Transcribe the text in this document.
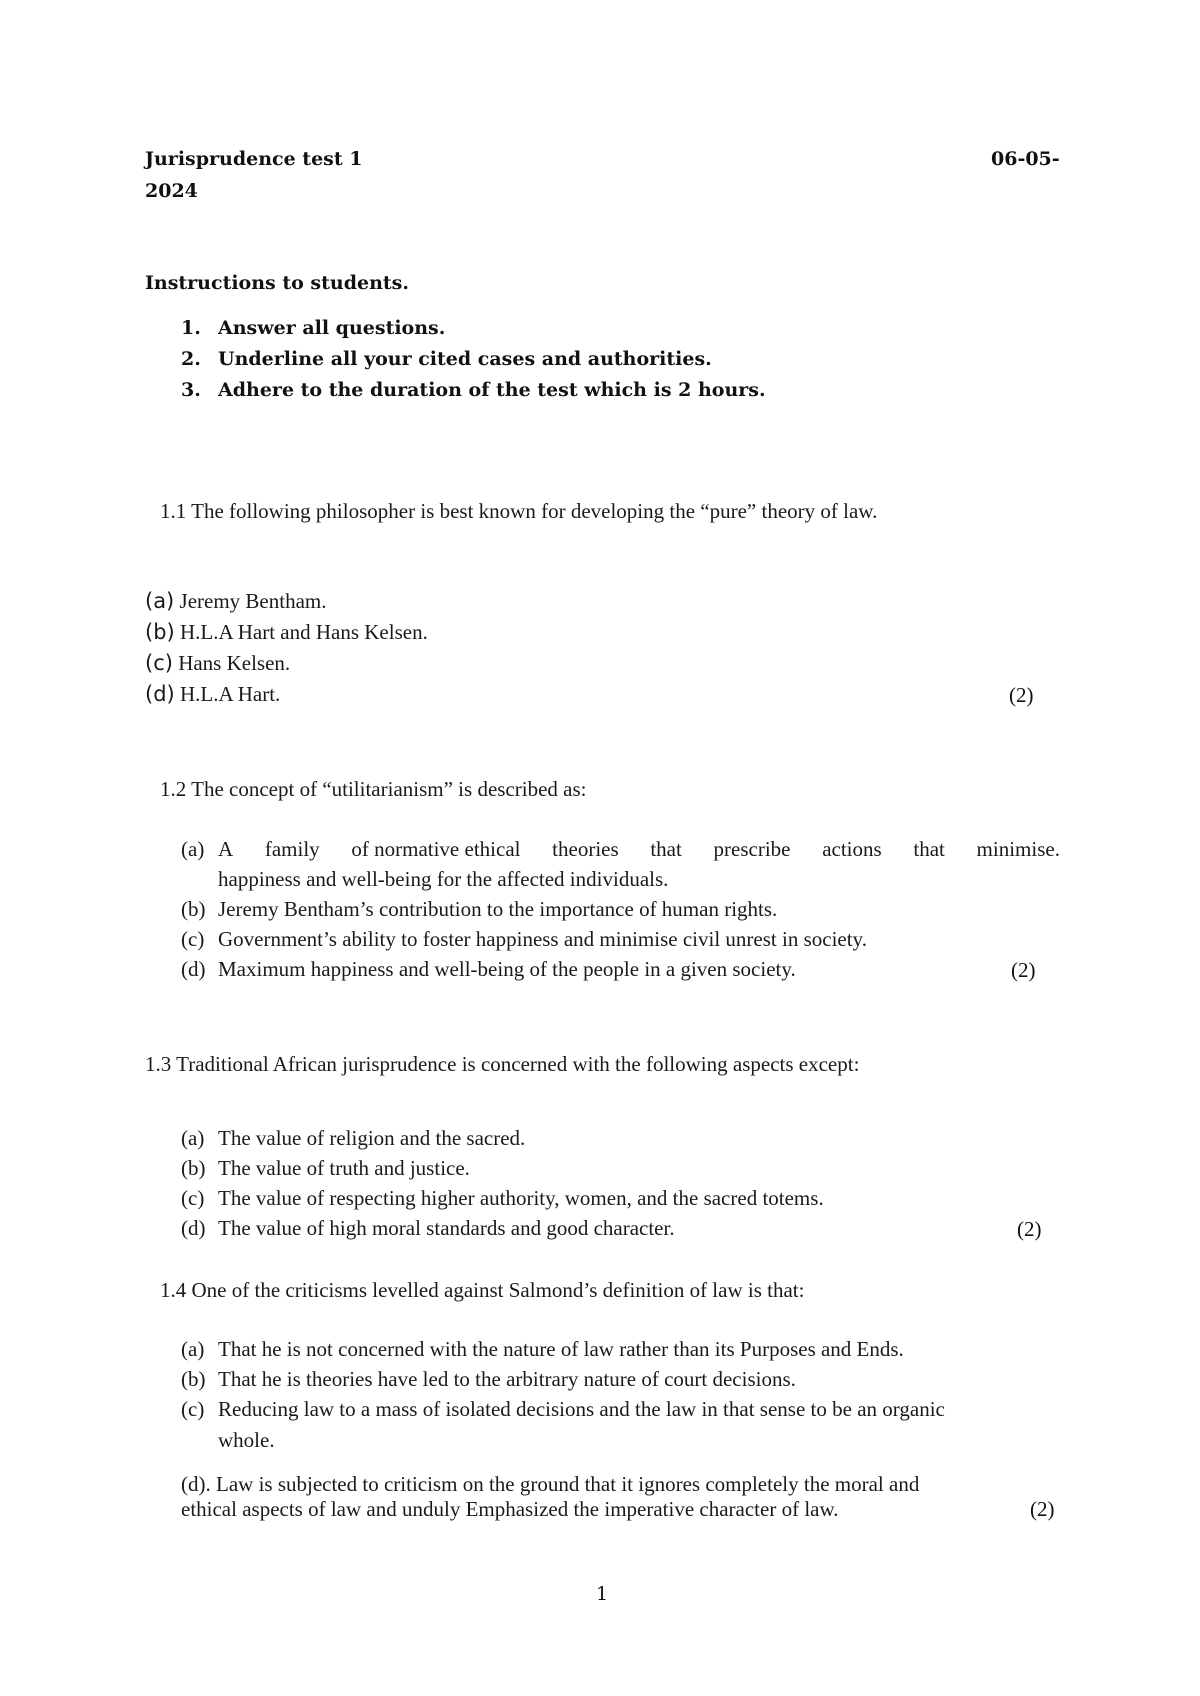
Jurisprudence test 1	06-05-
2024
Instructions to students.
1. Answer all questions.
2. Underline all your cited cases and authorities.
3. Adhere to the duration of the test which is 2 hours.
1.1 The following philosopher is best known for developing the “pure” theory of law.
(a) Jeremy Bentham.
(b) H.L.A Hart and Hans Kelsen.
(c) Hans Kelsen.
(d) H.L.A Hart.	(2)
1.2 The concept of “utilitarianism” is described as:
(a) A family of normative ethical theories that prescribe actions that minimise.
happiness and well-being for the affected individuals.
(b) Jeremy Bentham’s contribution to the importance of human rights.
(c) Government’s ability to foster happiness and minimise civil unrest in society.
(d) Maximum happiness and well-being of the people in a given society.	(2)
1.3 Traditional African jurisprudence is concerned with the following aspects except:
(a) The value of religion and the sacred.
(b) The value of truth and justice.
(c) The value of respecting higher authority, women, and the sacred totems.
(d) The value of high moral standards and good character.	(2)
1.4 One of the criticisms levelled against Salmond’s definition of law is that:
(a) That he is not concerned with the nature of law rather than its Purposes and Ends.
(b) That he is theories have led to the arbitrary nature of court decisions.
(c) Reducing law to a mass of isolated decisions and the law in that sense to be an organic
whole.
(d). Law is subjected to criticism on the ground that it ignores completely the moral and
ethical aspects of law and unduly Emphasized the imperative character of law.	(2)
1
